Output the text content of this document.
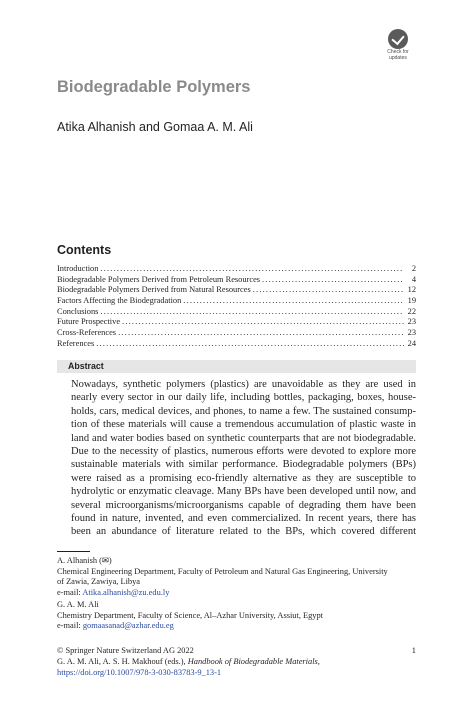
Check for
updates
Biodegradable Polymers
Atika Alhanish and Gomaa A. M. Ali
Contents
Introduction .....	2
Biodegradable Polymers Derived from Petroleum Resources .....	4
Biodegradable Polymers Derived from Natural Resources .....	12
Factors Affecting the Biodegradation .....	19
Conclusions .....	22
Future Prospective .....	23
Cross-References .....	23
References .....	24
Abstract
Nowadays, synthetic polymers (plastics) are unavoidable as they are used in
nearly every sector in our daily life, including bottles, packaging, boxes, house-
holds, cars, medical devices, and phones, to name a few. The sustained consump-
tion of these materials will cause a tremendous accumulation of plastic waste in
land and water bodies based on synthetic counterparts that are not biodegradable.
Due to the necessity of plastics, numerous efforts were devoted to explore more
sustainable materials with similar performance. Biodegradable polymers (BPs)
were raised as a promising eco-friendly alternative as they are susceptible to
hydrolytic or enzymatic cleavage. Many BPs have been developed until now, and
several microorganisms/microorganisms capable of degrading them have been
found in nature, invented, and even commercialized. In recent years, there has
been an abundance of literature related to the BPs, which covered different
A. Alhanish (✉)
Chemical Engineering Department, Faculty of Petroleum and Natural Gas Engineering, University
of Zawia, Zawiya, Libya
e-mail: Atika.alhanish@zu.edu.ly
G. A. M. Ali
Chemistry Department, Faculty of Science, Al–Azhar University, Assiut, Egypt
e-mail: gomaasanad@azhar.edu.eg
© Springer Nature Switzerland AG 2022
G. A. M. Ali, A. S. H. Makhouf (eds.), Handbook of Biodegradable Materials,
https://doi.org/10.1007/978-3-030-83783-9_13-1
1
